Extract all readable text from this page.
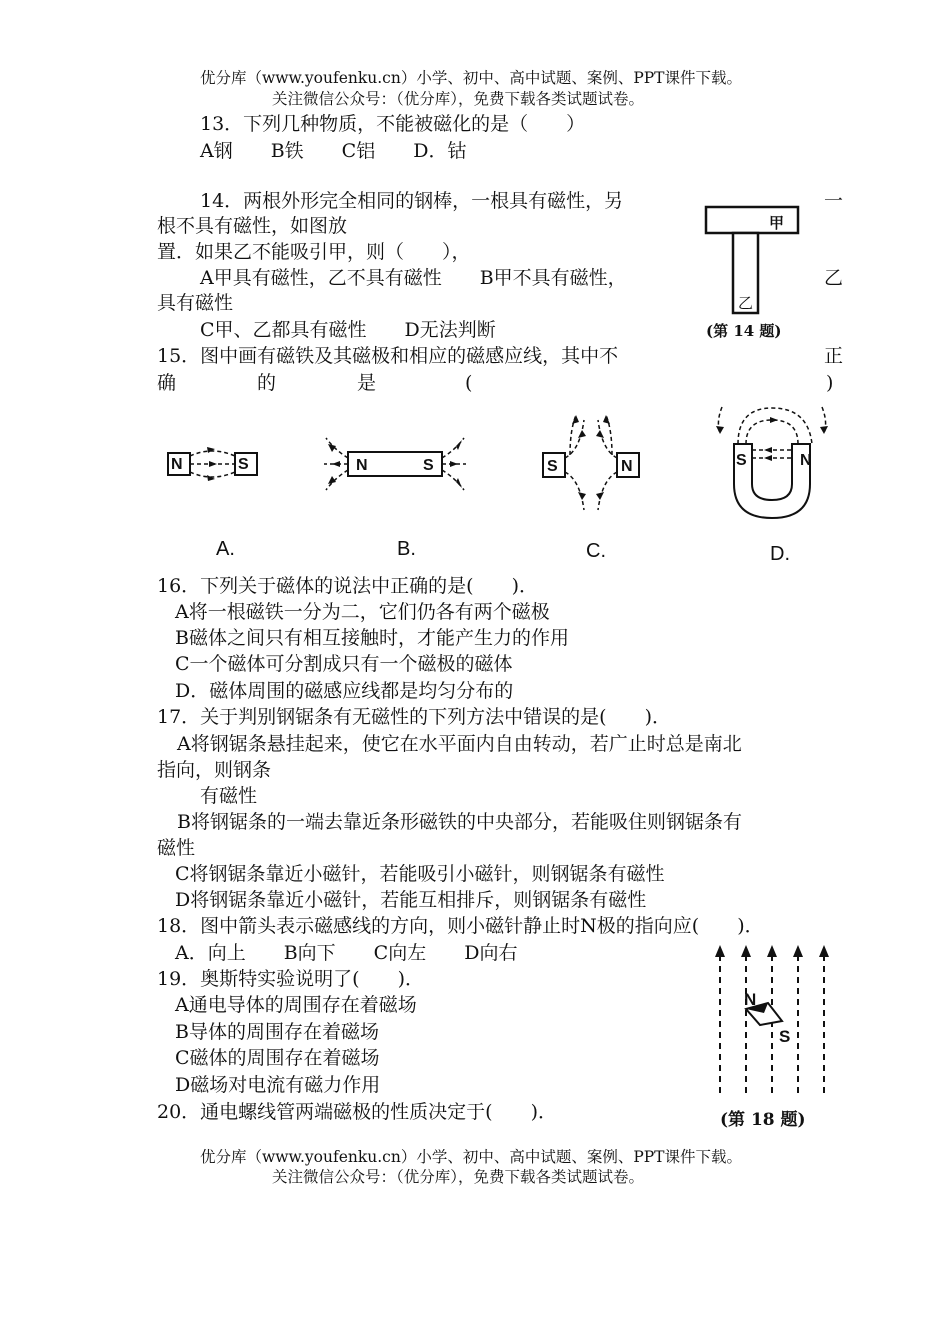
优分库（www.youfenku.cn）小学、初中、高中试题、案例、PPT课件下载。
关注微信公众号：（优分库），免费下载各类试题试卷。
13．下列几种物质，不能被磁化的是（　　）
A钢　　B铁　　C铝　　D．钴
14．两根外形完全相同的钢棒，一根具有磁性，另	一
根不具有磁性，如图放
置．如果乙不能吸引甲，则（　　），
A甲具有磁性，乙不具有磁性　　B甲不具有磁性，	乙
具有磁性
C甲、乙都具有磁性　　D无法判断
甲
乙
(第 14 题)
15．图中画有磁铁及其磁极和相应的磁感应线，其中不	正
确	的	是	(	)
N	S
A.
N	S
B.
S	N
C.
S	N
D.
16．下列关于磁体的说法中正确的是(　　)．
A将一根磁铁一分为二，它们仍各有两个磁极
B磁体之间只有相互接触时，才能产生力的作用
C一个磁体可分割成只有一个磁极的磁体
D．磁体周围的磁感应线都是均匀分布的
17．关于判别钢锯条有无磁性的下列方法中错误的是(　　)．
A将钢锯条悬挂起来，使它在水平面内自由转动，若广止时总是南北
指向，则钢条
有磁性
B将钢锯条的一端去靠近条形磁铁的中央部分，若能吸住则钢锯条有
磁性
C将钢锯条靠近小磁针，若能吸引小磁针，则钢锯条有磁性
D将钢锯条靠近小磁针，若能互相排斥，则钢锯条有磁性
18．图中箭头表示磁感线的方向，则小磁针静止时N极的指向应(　　)．
A．向上　　B向下　　C向左　　D向右
N
S
(第 18 题)
19．奥斯特实验说明了(　　)．
A通电导体的周围存在着磁场
B导体的周围存在着磁场
C磁体的周围存在着磁场
D磁场对电流有磁力作用
20．通电螺线管两端磁极的性质决定于(　　)．
优分库（www.youfenku.cn）小学、初中、高中试题、案例、PPT课件下载。
关注微信公众号：（优分库），免费下载各类试题试卷。
